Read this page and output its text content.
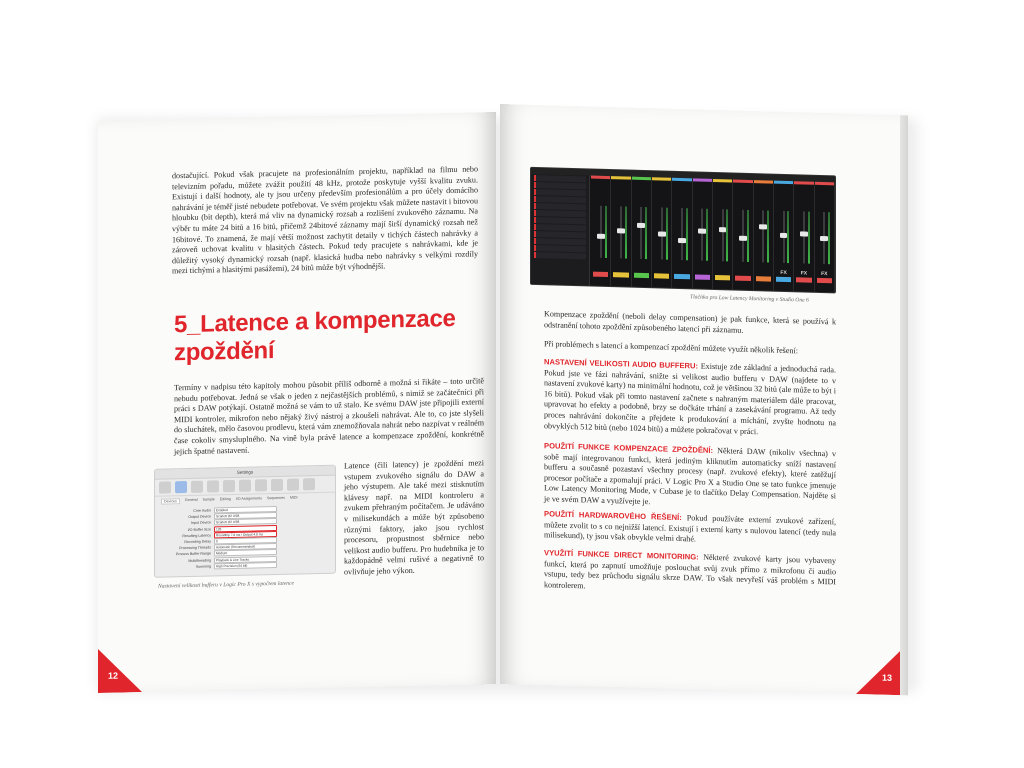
dostačující. Pokud však pracujete na profesionálním projektu, například na filmu nebo televizním pořadu, můžete zvážit použití 48 kHz, protože poskytuje vyšší kvalitu zvuku. Existují i další hodnoty, ale ty jsou určeny především profesionálům a pro účely domácího nahrávání je téměř jisté nebudete potřebovat. Ve svém projektu však můžete nastavit i bitovou hloubku (bit depth), která má vliv na dynamický rozsah a rozlišení zvukového záznamu. Na výběr tu máte 24 bitů a 16 bitů, přičemž 24bitové záznamy mají širší dynamický rozsah než 16bitové. To znamená, že mají větší možnost zachytit detaily v tichých částech nahrávky a zároveň uchovat kvalitu v hlasitých částech. Pokud tedy pracujete s nahrávkami, kde je důležitý vysoký dynamický rozsah (např. klasická hudba nebo nahrávky s velkými rozdíly mezi tichými a hlasitými pasážemi), 24 bitů může být výhodnější.

5_Latence a kompenzace zpoždění

Termíny v nadpisu této kapitoly mohou působit příliš odborně a možná si řikáte – toto určitě nebudu potřebovat. Jedná se však o jeden z nejčastějších problémů, s nimiž se začátečníci při práci s DAW potýkají. Ostatně možná se vám to už stalo. Ke svému DAW jste připojili externí MIDI kontroler, mikrofon nebo nějaký živý nástroj a zkoušeli nahrávat. Ale to, co jste slyšeli do sluchátek, mělo časovou prodlevu, která vám znemožňovala nahrát nebo nazpívat v reálném čase cokoliv smysluplného. Na vině byla právě latence a kompenzace zpoždění, konkrétně jejich špatné nastavení.

Settings
Devices	General Sample Editing I/O Assignments Sequences MIDI
Core Audio	Enabled
Output Device	Scarlett 2i2 USB
Input Device	Scarlett 2i2 USB
I/O Buffer Size	128
Resulting Latency	Roundtrip 7.8 ms / Output 4.8 ms
Recording Delay	0
Processing Threads	Automatic (Recommended)
Process Buffer Range	Medium
Multithreading	Playback & Live Tracks
Summing	High Precision (64 bit)

Latence (čili latency) je zpoždění mezi vstupem zvukového signálu do DAW a jeho výstupem. Ale také mezi stisknutím klávesy např. na MIDI kontroleru a zvukem přehraným počítačem. Je udáváno v milisekundách a může být způsobeno různými faktory, jako jsou rychlost procesoru, propustnost sběrnice nebo velikost audio bufferu. Pro hudebníka je to každopádně velmi rušivé a negativně to ovlivňuje jeho výkon.

Nastavení velikosti bufferu v Logic Pro X s vypočtem latence
12
FX	FX	FX
Tlačítko pro Low Latency Monitoring v Studio One 6

Kompenzace zpoždění (neboli delay compensation) je pak funkce, která se používá k odstranění tohoto zpoždění způsobeného latencí při záznamu.

Při problémech s latencí a kompenzací zpoždění můžete využít několik řešení:

NASTAVENÍ VELIKOSTI AUDIO BUFFERU: Existuje zde základní a jednoduchá rada. Pokud jste ve fázi nahrávání, snižte si velikost audio bufferu v DAW (najdete to v nastavení zvukové karty) na minimální hodnotu, což je většinou 32 bitů (ale může to být i 16 bitů). Pokud však při tomto nastavení začnete s nahraným materiálem dále pracovat, upravovat ho efekty a podobně, brzy se dočkáte trhání a zasekávání programu. Až tedy proces nahrávání dokončíte a přejdete k produkování a míchání, zvyšte hodnotu na obvyklých 512 bitů (nebo 1024 bitů) a můžete pokračovat v práci.

POUŽITÍ FUNKCE KOMPENZACE ZPOŽDĚNÍ: Některá DAW (nikoliv všechna) v sobě mají integrovanou funkci, která jediným kliknutím automaticky sníží nastavení bufferu a současně pozastaví všechny procesy (např. zvukové efekty), které zatěžují procesor počítače a zpomalují práci. V Logic Pro X a Studio One se tato funkce jmenuje Low Latency Monitoring Mode, v Cubase je to tlačítko Delay Compensation. Najděte si je ve svém DAW a využívejte je.

POUŽITÍ HARDWAROVÉHO ŘEŠENÍ: Pokud používáte externí zvukové zařízení, můžete zvolit to s co nejnižší latencí. Existují i externí karty s nulovou latencí (tedy nula milisekund), ty jsou však obvykle velmi drahé.

VYUŽITÍ FUNKCE DIRECT MONITORING: Některé zvukové karty jsou vybaveny funkcí, která po zapnutí umožňuje poslouchat svůj zvuk přímo z mikrofonu či audio vstupu, tedy bez průchodu signálu skrze DAW. To však nevyřeší váš problém s MIDI kontrolerem.

13
